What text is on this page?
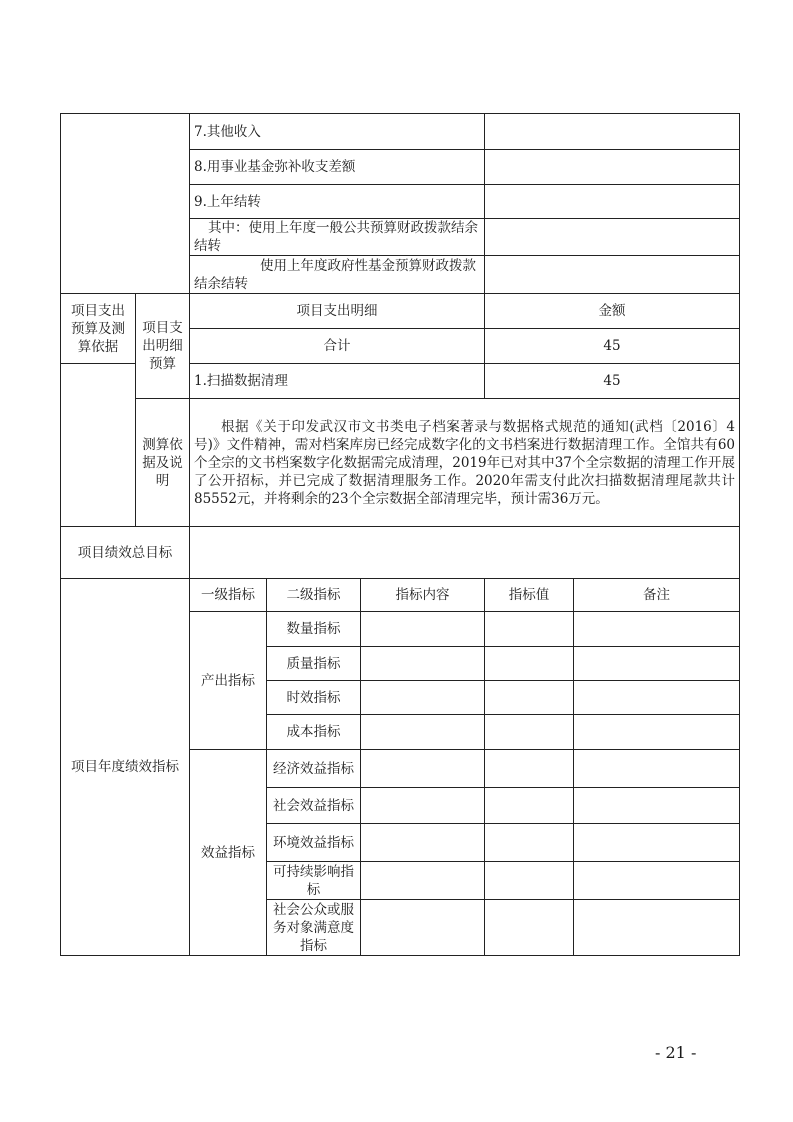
		7.其他收入				
		8.用事业基金弥补收支差额				
		9.上年结转				
		其中：使用上年度一般公共预算财政拨款结余结转				
		使用上年度政府性基金预算财政拨款结余结转				
项目支出预算及测算依据	项目支出明细预算	项目支出明细			金额	
		合计			45	
		1.扫描数据清理			45	
	测算依据及说明	根据《关于印发武汉市文书类电子档案著录与数据格式规范的通知(武档〔2016〕4号)》文件精神，需对档案库房已经完成数字化的文书档案进行数据清理工作。全馆共有60个全宗的文书档案数字化数据需完成清理，2019年已对其中37个全宗数据的清理工作开展了公开招标，并已完成了数据清理服务工作。2020年需支付此次扫描数据清理尾款共计85552元，并将剩余的23个全宗数据全部清理完毕，预计需36万元。				
项目绩效总目标						
项目年度绩效指标		一级指标	二级指标	指标内容	指标值	备注
		产出指标	数量指标			
			质量指标			
			时效指标			
			成本指标			
		效益指标	经济效益指标			
			社会效益指标			
			环境效益指标			
			可持续影响指标			
			社会公众或服务对象满意度指标			
- 21 -
